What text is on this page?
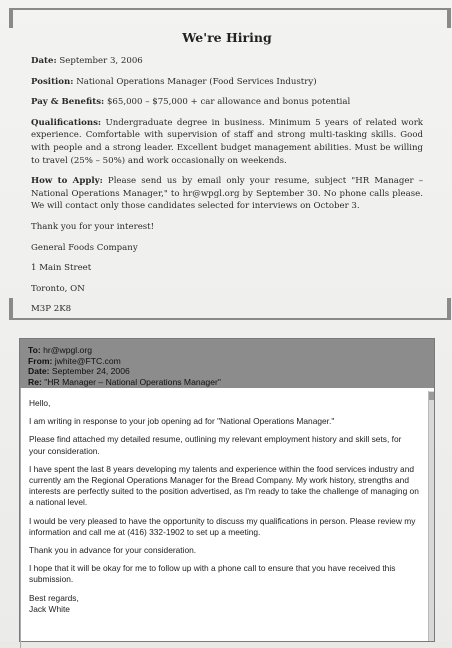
We're Hiring

Date: September 3, 2006

Position: National Operations Manager (Food Services Industry)

Pay & Benefits: $65,000 – $75,000 + car allowance and bonus potential

Qualifications: Undergraduate degree in business. Minimum 5 years of related work experience. Comfortable with supervision of staff and strong multi-tasking skills. Good with people and a strong leader. Excellent budget management abilities. Must be willing to travel (25% – 50%) and work occasionally on weekends.

How to Apply: Please send us by email only your resume, subject "HR Manager – National Operations Manager," to hr@wpgl.org by September 30. No phone calls please. We will contact only those candidates selected for interviews on October 3.

Thank you for your interest!

General Foods Company

1 Main Street

Toronto, ON

M3P 2K8

To: hr@wpgl.org
From: jwhite@FTC.com
Date: September 24, 2006
Re: "HR Manager – National Operations Manager"

Hello,

I am writing in response to your job opening ad for "National Operations Manager."

Please find attached my detailed resume, outlining my relevant employment history and skill sets, for your consideration.

I have spent the last 8 years developing my talents and experience within the food services industry and currently am the Regional Operations Manager for the Bread Company. My work history, strengths and interests are perfectly suited to the position advertised, as I'm ready to take the challenge of managing on a national level.

I would be very pleased to have the opportunity to discuss my qualifications in person. Please review my information and call me at (416) 332-1902 to set up a meeting.

Thank you in advance for your consideration.

I hope that it will be okay for me to follow up with a phone call to ensure that you have received this submission.

Best regards,
Jack White
